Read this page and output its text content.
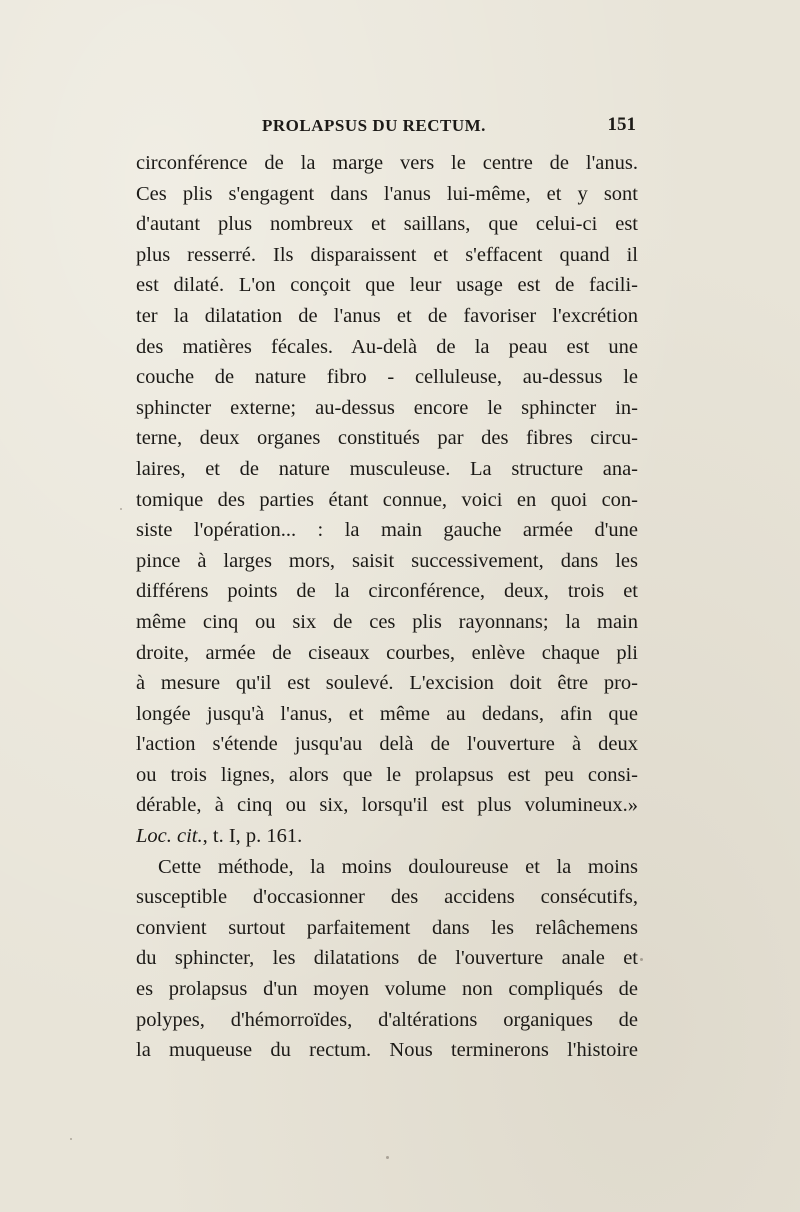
PROLAPSUS DU RECTUM.	151
circonférence de la marge vers le centre de l'anus.
Ces plis s'engagent dans l'anus lui-même, et y sont
d'autant plus nombreux et saillans, que celui-ci est
plus resserré. Ils disparaissent et s'effacent quand il
est dilaté. L'on conçoit que leur usage est de facili-
ter la dilatation de l'anus et de favoriser l'excrétion
des matières fécales. Au-delà de la peau est une
couche de nature fibro - celluleuse, au-dessus le
sphincter externe; au-dessus encore le sphincter in-
terne, deux organes constitués par des fibres circu-
laires, et de nature musculeuse. La structure ana-
tomique des parties étant connue, voici en quoi con-
siste l'opération... : la main gauche armée d'une
pince à larges mors, saisit successivement, dans les
différens points de la circonférence, deux, trois et
même cinq ou six de ces plis rayonnans; la main
droite, armée de ciseaux courbes, enlève chaque pli
à mesure qu'il est soulevé. L'excision doit être pro-
longée jusqu'à l'anus, et même au dedans, afin que
l'action s'étende jusqu'au delà de l'ouverture à deux
ou trois lignes, alors que le prolapsus est peu consi-
dérable, à cinq ou six, lorsqu'il est plus volumineux.»
Loc. cit., t. I, p. 161.
Cette méthode, la moins douloureuse et la moins
susceptible d'occasionner des accidens consécutifs,
convient surtout parfaitement dans les relâchemens
du sphincter, les dilatations de l'ouverture anale et
es prolapsus d'un moyen volume non compliqués de
polypes, d'hémorroïdes, d'altérations organiques de
la muqueuse du rectum. Nous terminerons l'histoire
